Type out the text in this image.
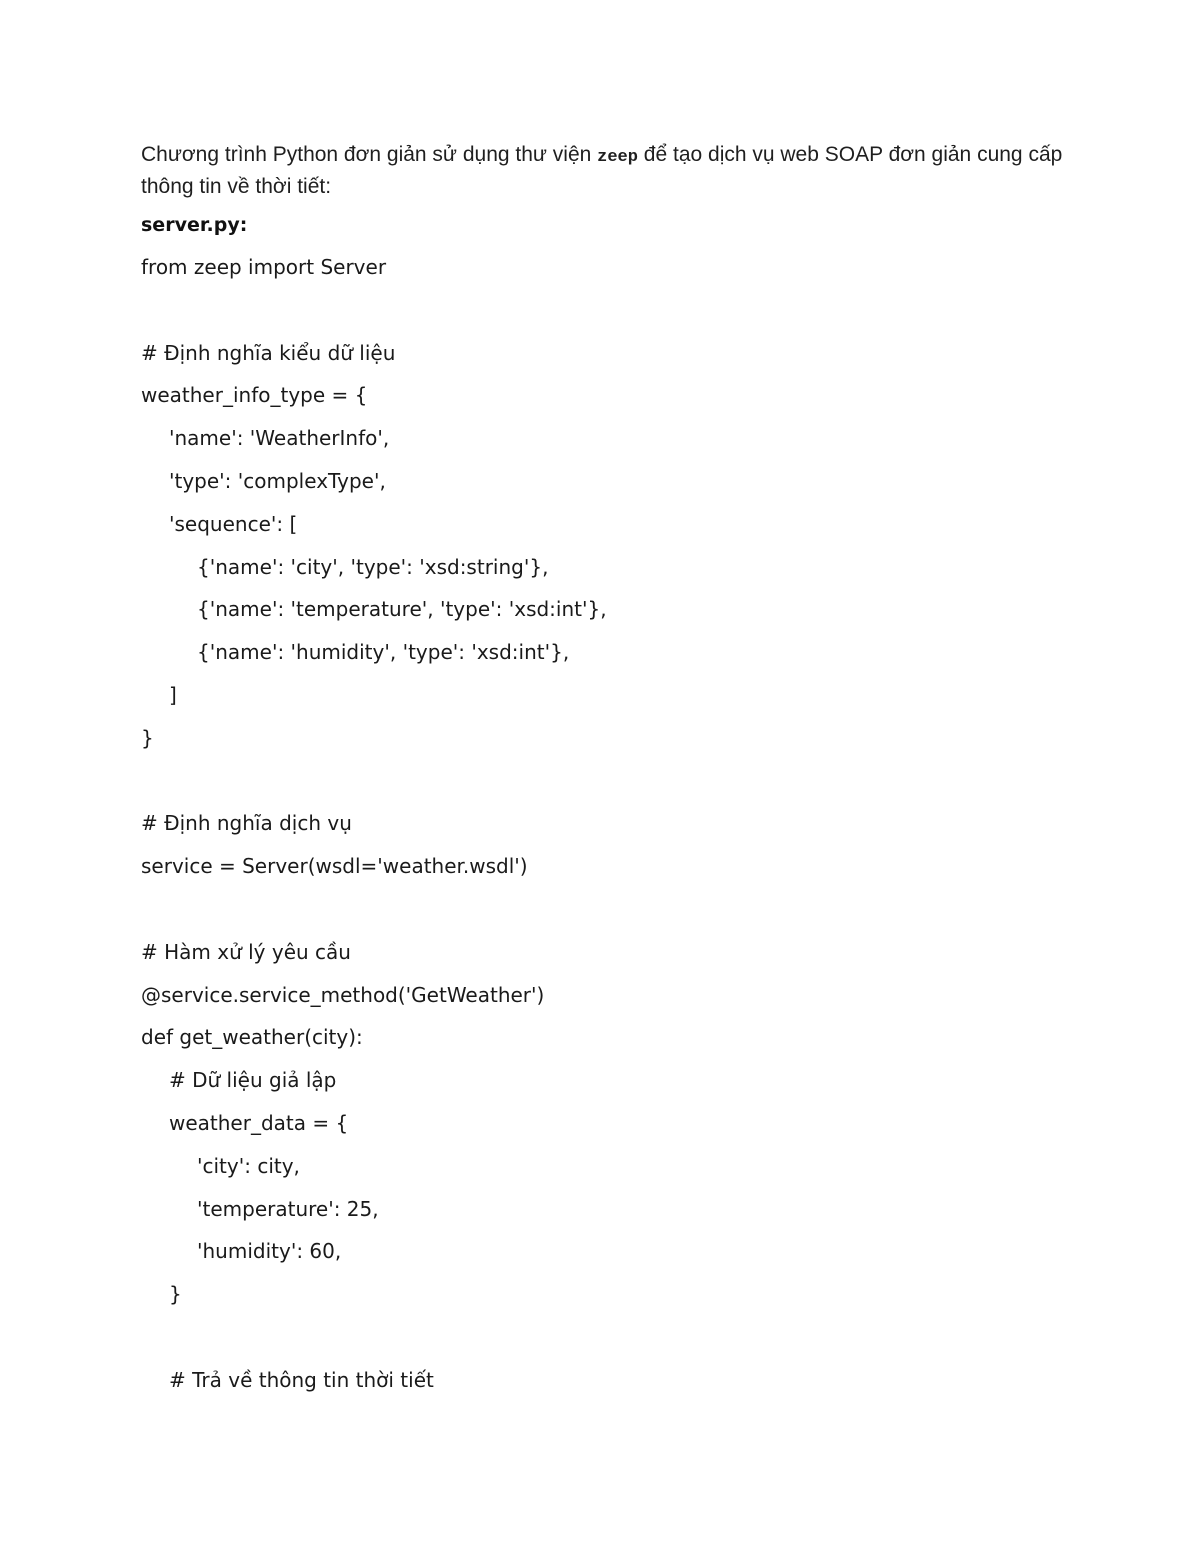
Chương trình Python đơn giản sử dụng thư viện zeep để tạo dịch vụ web SOAP đơn giản cung cấp thông tin về thời tiết:

server.py:
from zeep import Server
# Định nghĩa kiểu dữ liệu
weather_info_type = {
'name': 'WeatherInfo',
'type': 'complexType',
'sequence': [
{'name': 'city', 'type': 'xsd:string'},
{'name': 'temperature', 'type': 'xsd:int'},
{'name': 'humidity', 'type': 'xsd:int'},
]
}
# Định nghĩa dịch vụ
service = Server(wsdl='weather.wsdl')
# Hàm xử lý yêu cầu
@service.service_method('GetWeather')
def get_weather(city):
# Dữ liệu giả lập
weather_data = {
'city': city,
'temperature': 25,
'humidity': 60,
}
# Trả về thông tin thời tiết
